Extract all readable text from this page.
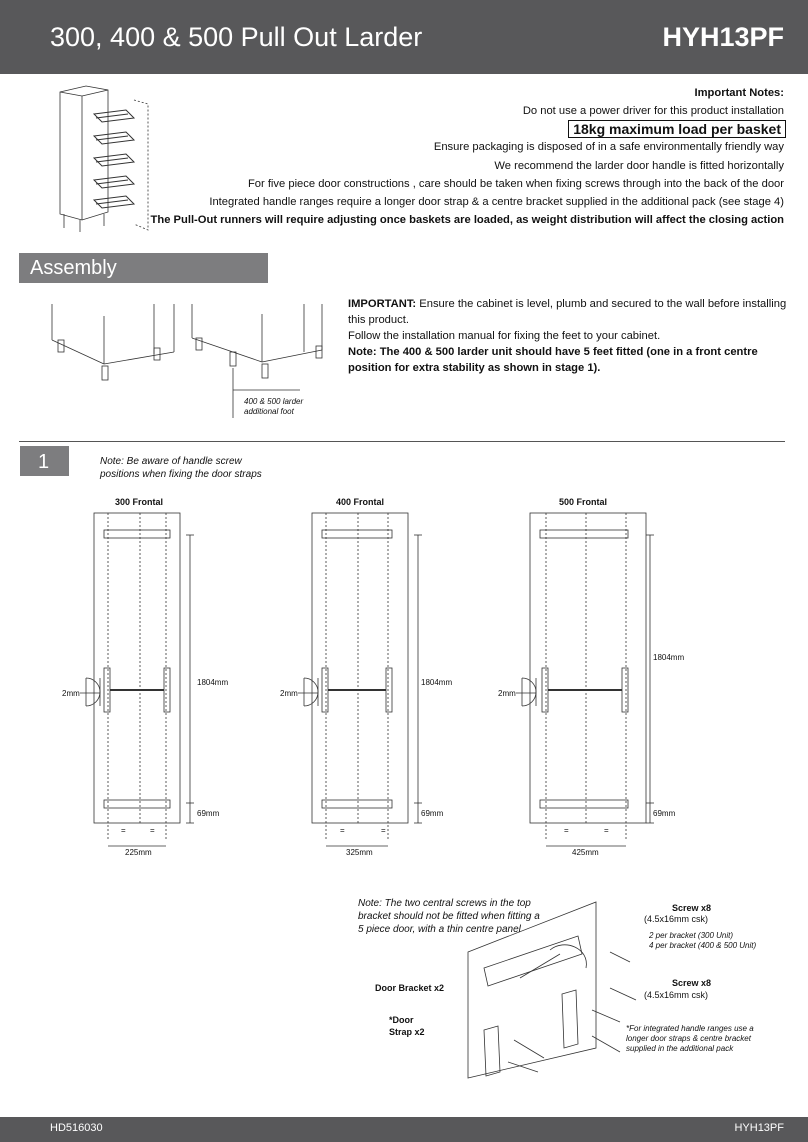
300, 400 & 500 Pull Out Larder	HYH13PF
Important Notes:
Do not use a power driver for this product installation
18kg maximum load per basket
Ensure packaging is disposed of in a safe environmentally friendly way
We recommend the larder door handle is fitted horizontally
For five piece door constructions , care should be taken when fixing screws through into the back of the door
Integrated handle ranges require a longer door strap & a centre bracket supplied in the additional pack (see stage 4)
The Pull-Out runners will require adjusting once baskets are loaded, as weight distribution will affect the closing action
Assembly
400 & 500 larder additional foot
IMPORTANT: Ensure the cabinet is level, plumb and secured to the wall before installing this product.
Follow the installation manual for fixing the feet to your cabinet.
Note: The 400 & 500 larder unit should have 5 feet fitted (one in a front centre position for extra stability as shown in stage 1).
1	Note: Be aware of handle screw positions when fixing the door straps
300 Frontal
2mm
1804mm
69mm
=	=
225mm
400 Frontal
2mm
1804mm
69mm
=	=
325mm
500 Frontal
2mm
1804mm
69mm
=	=
425mm
Note: The two central screws in the top bracket should not be fitted when fitting a 5 piece door, with a thin centre panel
Screw x8
(4.5x16mm csk)
2 per bracket (300 Unit)
4 per bracket (400 & 500 Unit)
Screw x8
(4.5x16mm csk)
Door Bracket x2
*Door
Strap x2	*For integrated handle ranges use a longer door straps & centre bracket supplied in the additional pack
HD516030	HYH13PF
